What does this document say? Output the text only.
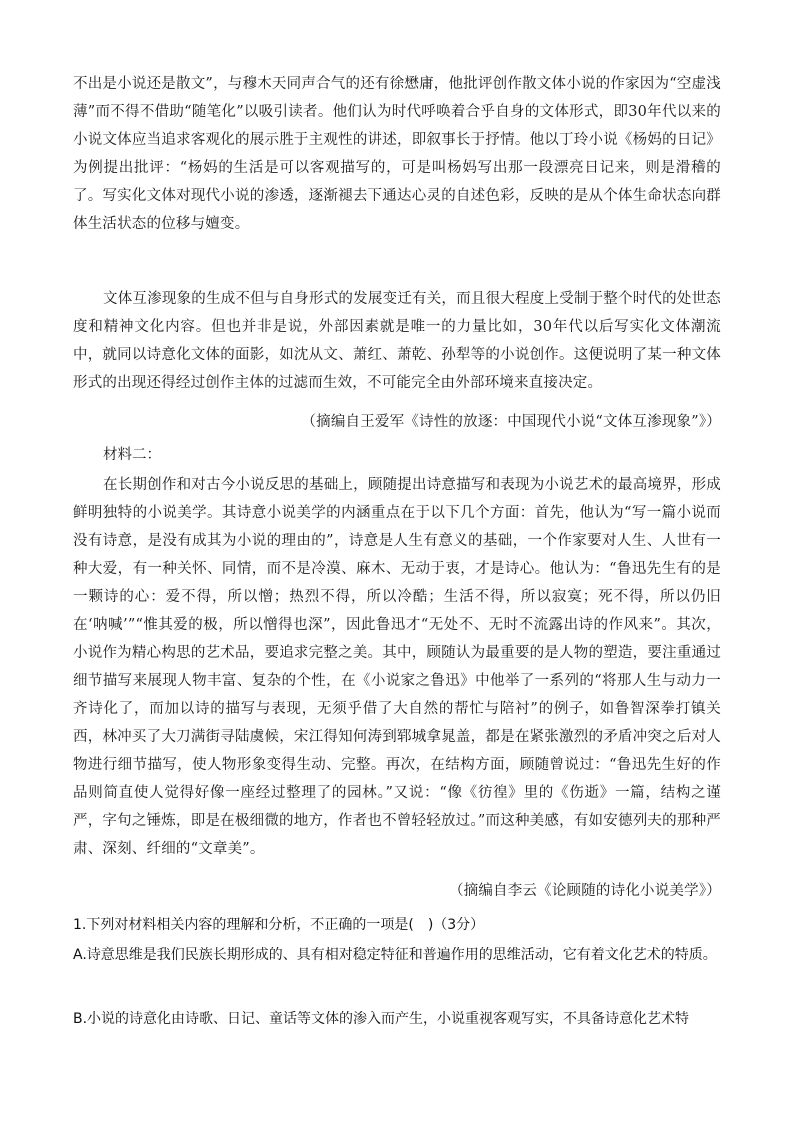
不出是小说还是散文”，与穆木天同声合气的还有徐懋庸，他批评创作散文体小说的作家因为“空虚浅薄”而不得不借助“随笔化”以吸引读者。他们认为时代呼唤着合乎自身的文体形式，即30年代以来的小说文体应当追求客观化的展示胜于主观性的讲述，即叙事长于抒情。他以丁玲小说《杨妈的日记》为例提出批评：“杨妈的生活是可以客观描写的，可是叫杨妈写出那一段漂亮日记来，则是滑稽的了。写实化文体对现代小说的渗透，逐渐褪去下通达心灵的自述色彩，反映的是从个体生命状态向群体生活状态的位移与嬗变。

文体互渗现象的生成不但与自身形式的发展变迁有关，而且很大程度上受制于整个时代的处世态度和精神文化内容。但也并非是说，外部因素就是唯一的力量比如，30年代以后写实化文体潮流中，就同以诗意化文体的面影，如沈从文、萧红、萧乾、孙犁等的小说创作。这便说明了某一种文体形式的出现还得经过创作主体的过滤而生效，不可能完全由外部环境来直接决定。

（摘编自王爱军《诗性的放逐：中国现代小说“文体互渗现象”》）

材料二：

在长期创作和对古今小说反思的基础上，顾随提出诗意描写和表现为小说艺术的最高境界，形成鲜明独特的小说美学。其诗意小说美学的内涵重点在于以下几个方面：首先，他认为“写一篇小说而没有诗意，是没有成其为小说的理由的”，诗意是人生有意义的基础，一个作家要对人生、人世有一种大爱，有一种关怀、同情，而不是冷漠、麻木、无动于衷，才是诗心。他认为：“鲁迅先生有的是一颗诗的心：爱不得，所以憎；热烈不得，所以冷酷；生活不得，所以寂寞；死不得，所以仍旧在‘呐喊’”“惟其爱的极，所以憎得也深”，因此鲁迅才“无处不、无时不流露出诗的作风来”。其次，小说作为精心构思的艺术品，要追求完整之美。其中，顾随认为最重要的是人物的塑造，要注重通过细节描写来展现人物丰富、复杂的个性，在《小说家之鲁迅》中他举了一系列的“将那人生与动力一齐诗化了，而加以诗的描写与表现，无须乎借了大自然的帮忙与陪衬”的例子，如鲁智深拳打镇关西，林冲买了大刀满街寻陆虞候，宋江得知何涛到郓城拿晁盖，都是在紧张激烈的矛盾冲突之后对人物进行细节描写，使人物形象变得生动、完整。再次，在结构方面，顾随曾说过：“鲁迅先生好的作品则简直使人觉得好像一座经过整理了的园林。”又说：“像《彷徨》里的《伤逝》一篇，结构之谨严，字句之锤炼，即是在极细微的地方，作者也不曾轻轻放过。”而这种美感，有如安德列夫的那种严肃、深刻、纤细的“文章美”。

（摘编自李云《论顾随的诗化小说美学》）

1.下列对材料相关内容的理解和分析，不正确的一项是(　)（3分）

A.诗意思维是我们民族长期形成的、具有相对稳定特征和普遍作用的思维活动，它有着文化艺术的特质。

B.小说的诗意化由诗歌、日记、童话等文体的渗入而产生，小说重视客观写实，不具备诗意化艺术特
